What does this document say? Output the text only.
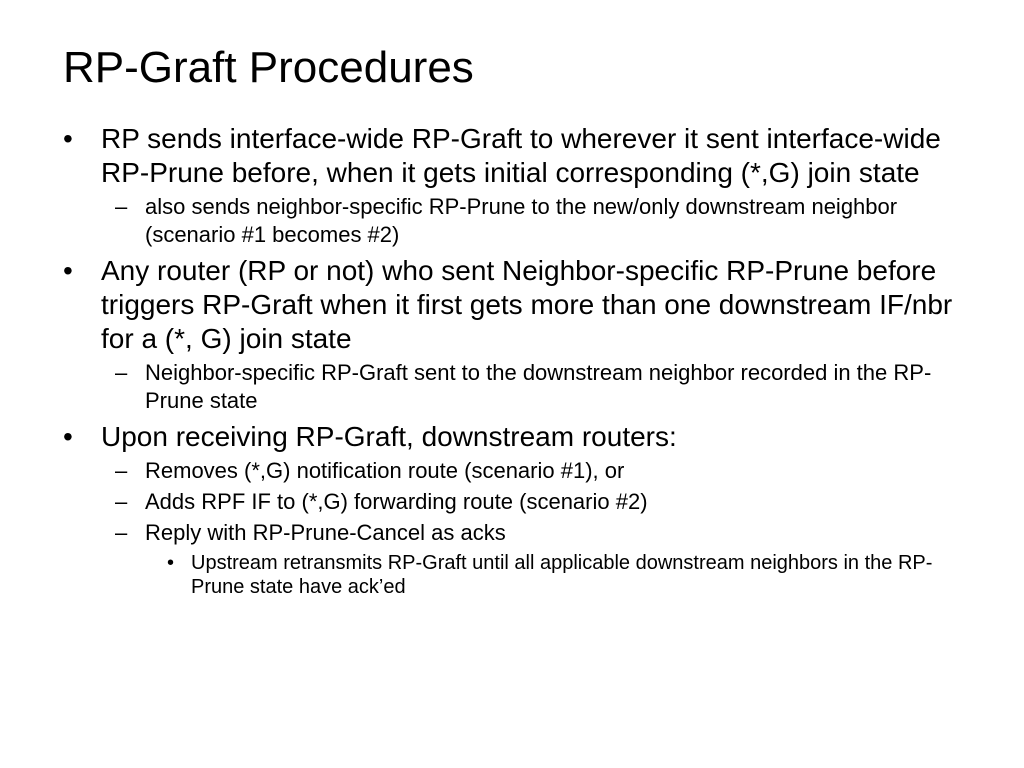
RP-Graft Procedures
• RP sends interface-wide RP-Graft to wherever it sent interface-wide RP-Prune before, when it gets initial corresponding (*,G) join state
– also sends neighbor-specific RP-Prune to the new/only downstream neighbor (scenario #1 becomes #2)
• Any router (RP or not) who sent Neighbor-specific RP-Prune before triggers RP-Graft when it first gets more than one downstream IF/nbr for a (*, G) join state
– Neighbor-specific RP-Graft sent to the downstream neighbor recorded in the RP-Prune state
• Upon receiving RP-Graft, downstream routers:
– Removes (*,G) notification route (scenario #1), or
– Adds RPF IF to (*,G) forwarding route (scenario #2)
– Reply with RP-Prune-Cancel as acks
• Upstream retransmits RP-Graft until all applicable downstream neighbors in the RP-Prune state have ack’ed
